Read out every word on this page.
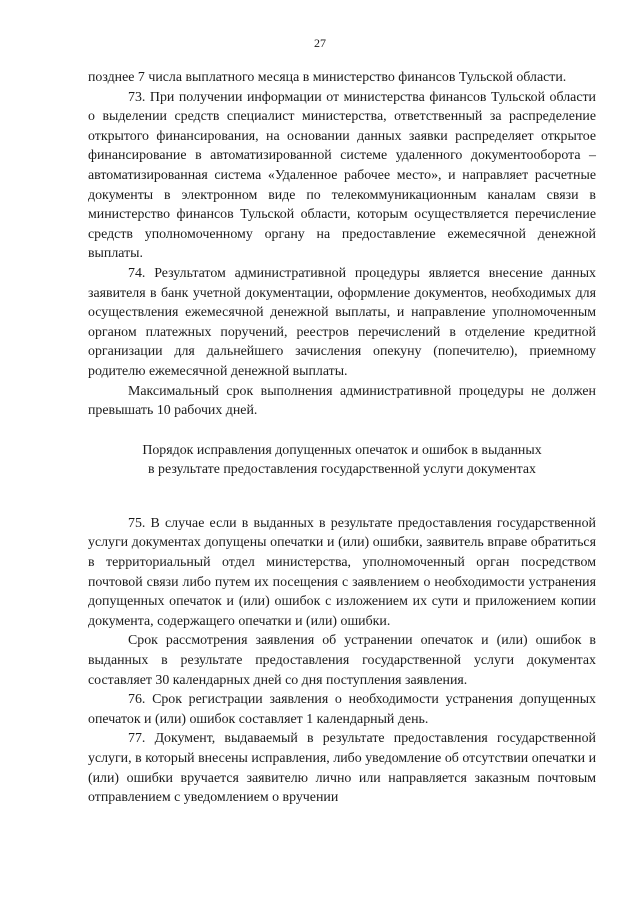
27

позднее 7 числа выплатного месяца в министерство финансов Тульской области.

73. При получении информации от министерства финансов Тульской области о выделении средств специалист министерства, ответственный за распределение открытого финансирования, на основании данных заявки распределяет открытое финансирование в автоматизированной системе удаленного документооборота – автоматизированная система «Удаленное рабочее место», и направляет расчетные документы в электронном виде по телекоммуникационным каналам связи в министерство финансов Тульской области, которым осуществляется перечисление средств уполномоченному органу на предоставление ежемесячной денежной выплаты.

74. Результатом административной процедуры является внесение данных заявителя в банк учетной документации, оформление документов, необходимых для осуществления ежемесячной денежной выплаты, и направление уполномоченным органом платежных поручений, реестров перечислений в отделение кредитной организации для дальнейшего зачисления опекуну (попечителю), приемному родителю ежемесячной денежной выплаты.

Максимальный срок выполнения административной процедуры не должен превышать 10 рабочих дней.

Порядок исправления допущенных опечаток и ошибок в выданных
в результате предоставления государственной услуги документах

75. В случае если в выданных в результате предоставления государственной услуги документах допущены опечатки и (или) ошибки, заявитель вправе обратиться в территориальный отдел министерства, уполномоченный орган посредством почтовой связи либо путем их посещения с заявлением о необходимости устранения допущенных опечаток и (или) ошибок с изложением их сути и приложением копии документа, содержащего опечатки и (или) ошибки.

Срок рассмотрения заявления об устранении опечаток и (или) ошибок в выданных в результате предоставления государственной услуги документах составляет 30 календарных дней со дня поступления заявления.

76. Срок регистрации заявления о необходимости устранения допущенных опечаток и (или) ошибок составляет 1 календарный день.

77. Документ, выдаваемый в результате предоставления государственной услуги, в который внесены исправления, либо уведомление об отсутствии опечатки и (или) ошибки вручается заявителю лично или направляется заказным почтовым отправлением с уведомлением о вручении
